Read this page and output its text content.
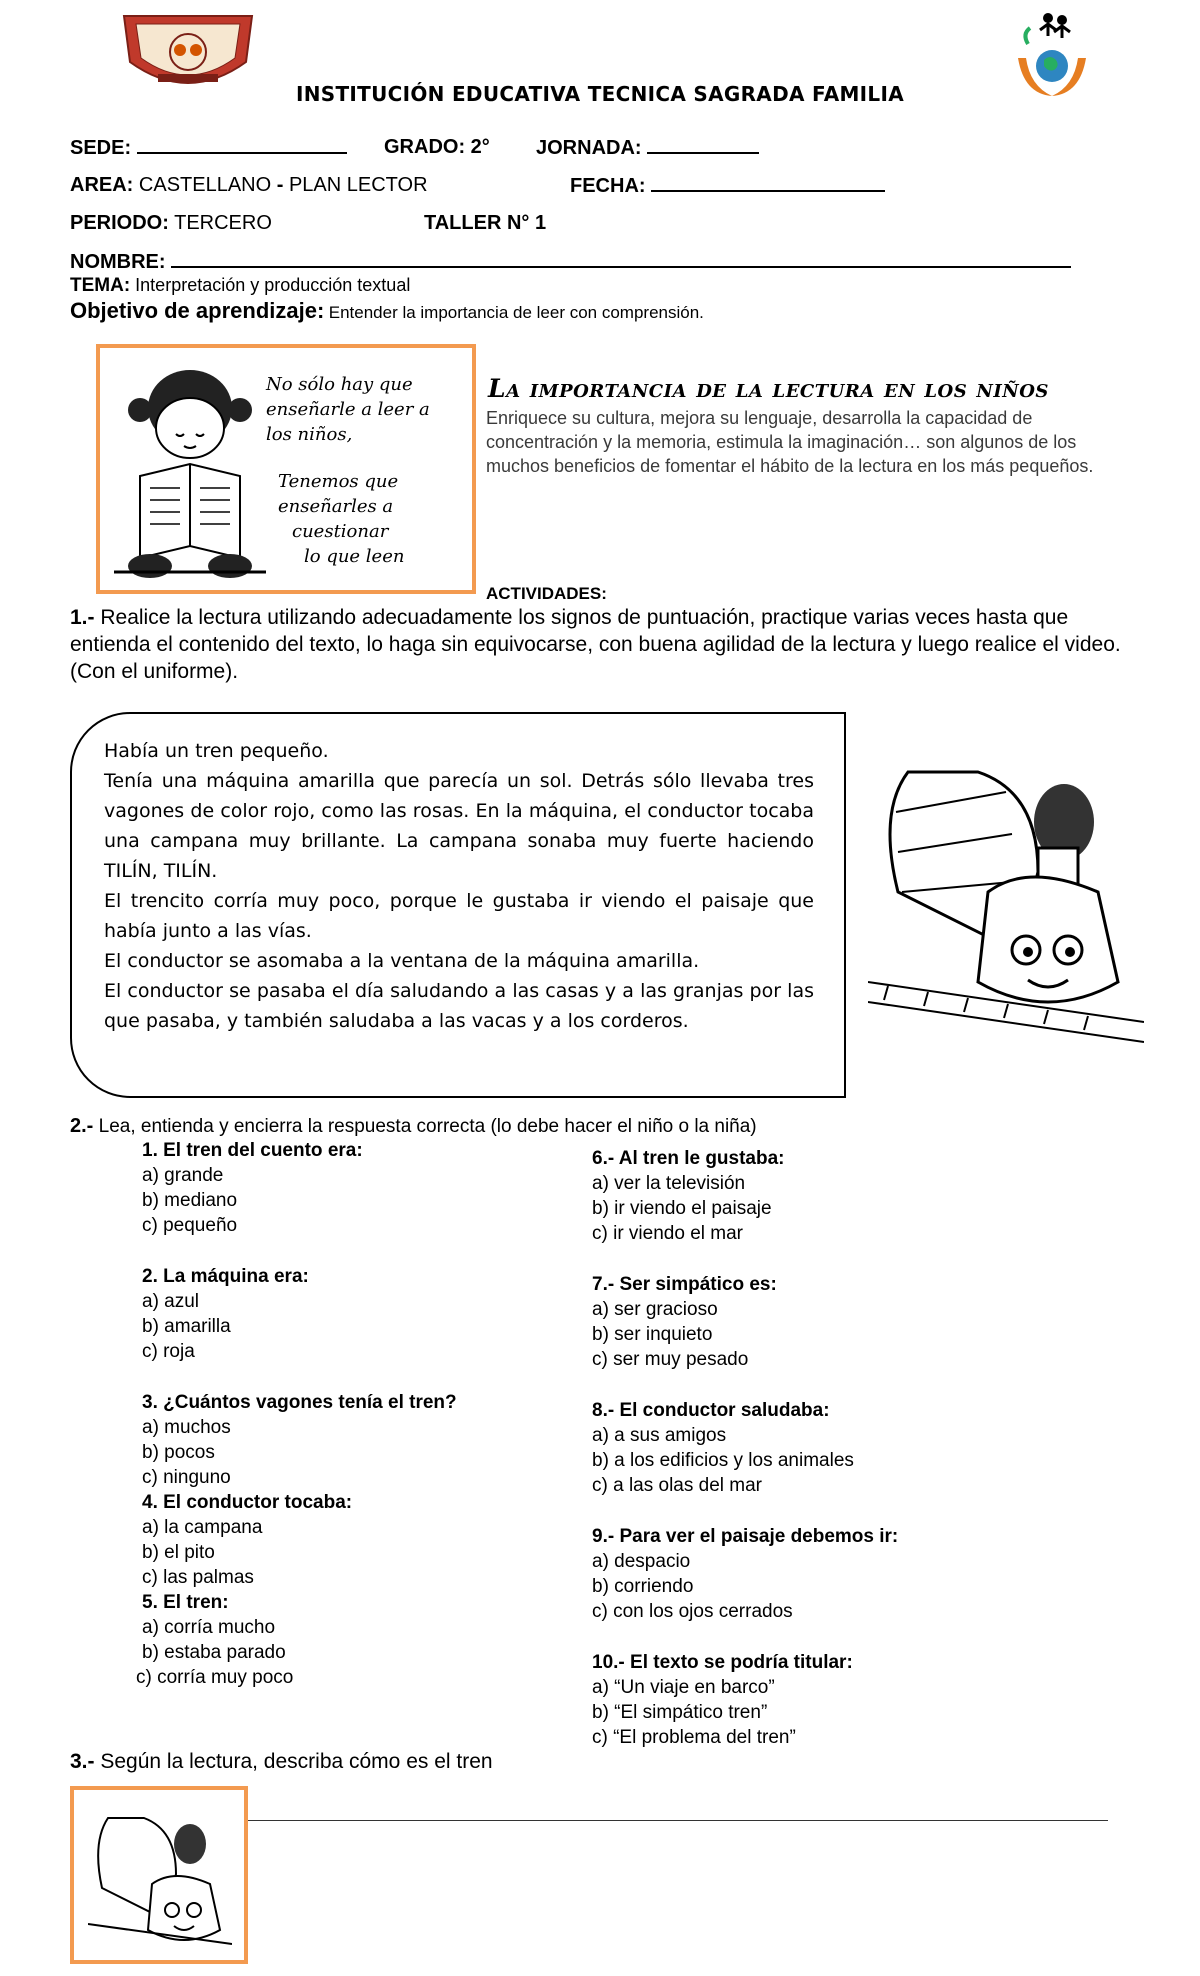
INSTITUCIÓN EDUCATIVA TECNICA SAGRADA FAMILIA
SEDE:	GRADO: 2° JORNADA:
AREA: CASTELLANO - PLAN LECTOR	FECHA:
PERIODO: TERCERO	TALLER N° 1
NOMBRE:
TEMA: Interpretación y producción textual
Objetivo de aprendizaje: Entender la importancia de leer con comprensión.
No sólo hay que
enseñarle a leer a
los niños,
Tenemos que
enseñarles a
cuestionar
lo que leen
La importancia de la lectura en los niños
Enriquece su cultura, mejora su lenguaje, desarrolla la capacidad de concentración y la memoria, estimula la imaginación… son algunos de los muchos beneficios de fomentar el hábito de la lectura en los más pequeños.
ACTIVIDADES:
1.- Realice la lectura utilizando adecuadamente los signos de puntuación, practique varias veces hasta que entienda el contenido del texto, lo haga sin equivocarse, con buena agilidad de la lectura y luego realice el video. (Con el uniforme).

Había un tren pequeño.

Tenía una máquina amarilla que parecía un sol. Detrás sólo llevaba tres vagones de color rojo, como las rosas. En la máquina, el conductor tocaba una campana muy brillante. La campana sonaba muy fuerte haciendo TILÍN, TILÍN.

El trencito corría muy poco, porque le gustaba ir viendo el paisaje que había junto a las vías.

El conductor se asomaba a la ventana de la máquina amarilla.

El conductor se pasaba el día saludando a las casas y a las granjas por las que pasaba, y también saludaba a las vacas y a los corderos.

2.- Lea, entienda y encierra la respuesta correcta (lo debe hacer el niño o la niña)
1. El tren del cuento era:
a) grande
b) mediano
c) pequeño
2. La máquina era:
a) azul
b) amarilla
c) roja
3. ¿Cuántos vagones tenía el tren?
a) muchos
b) pocos
c) ninguno
4. El conductor tocaba:
a) la campana
b) el pito
c) las palmas
5. El tren:
a) corría mucho
b) estaba parado
c) corría muy poco
6.- Al tren le gustaba:
a) ver la televisión
b) ir viendo el paisaje
c) ir viendo el mar
7.- Ser simpático es:
a) ser gracioso
b) ser inquieto
c) ser muy pesado
8.- El conductor saludaba:
a) a sus amigos
b) a los edificios y los animales
c) a las olas del mar
9.- Para ver el paisaje debemos ir:
a) despacio
b) corriendo
c) con los ojos cerrados
10.- El texto se podría titular:
a) “Un viaje en barco”
b) “El simpático tren”
c) “El problema del tren”
3.- Según la lectura, describa cómo es el tren
